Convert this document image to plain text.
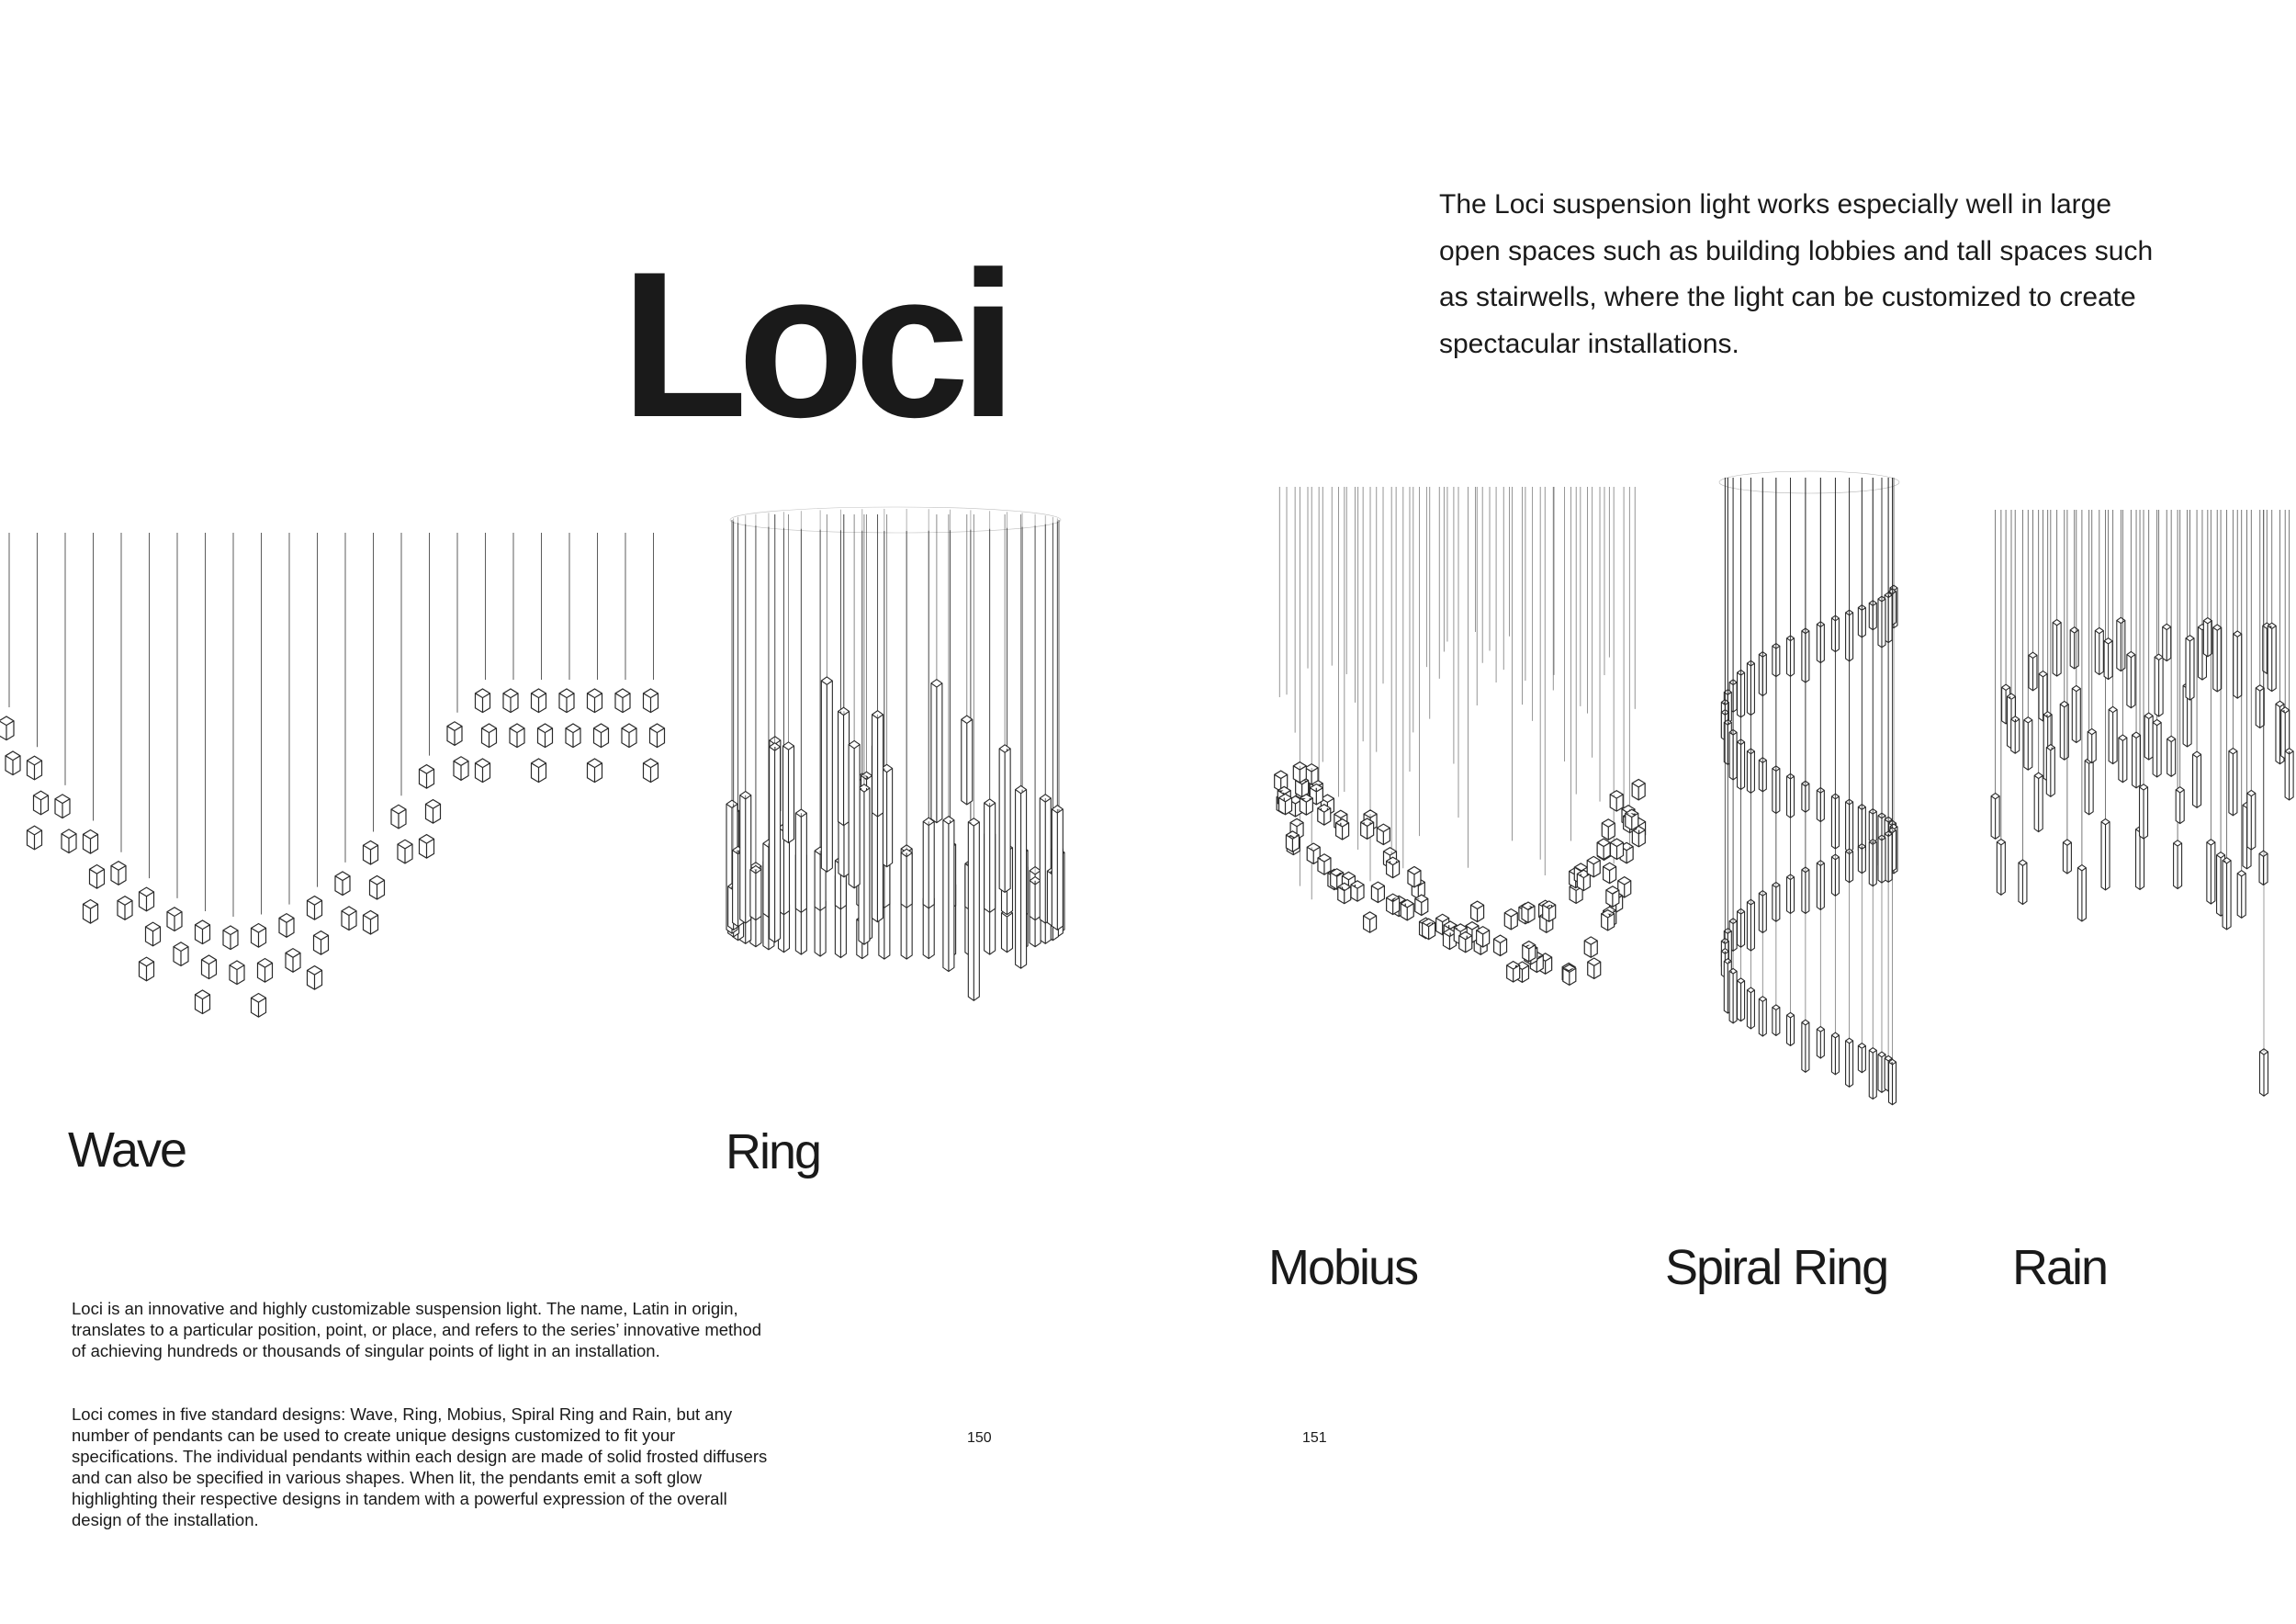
Loci

The Loci suspension light works especially well in large open spaces such as building lobbies and tall spaces such as stairwells, where the light can be customized to create spectacular installations.

Wave	Ring
Mobius	Spiral Ring	Rain

Loci is an innovative and highly customizable suspension light. The name, Latin in origin, translates to a particular position, point, or place, and refers to the series’ innovative method of achieving hundreds or thousands of singular points of light in an installation.

Loci comes in five standard designs: Wave, Ring, Mobius, Spiral Ring and Rain, but any number of pendants can be used to create unique designs customized to fit your specifications. The individual pendants within each design are made of solid frosted diffusers and can also be specified in various shapes. When lit, the pendants emit a soft glow highlighting their respective designs in tandem with a powerful expression of the overall design of the installation.

150	151
